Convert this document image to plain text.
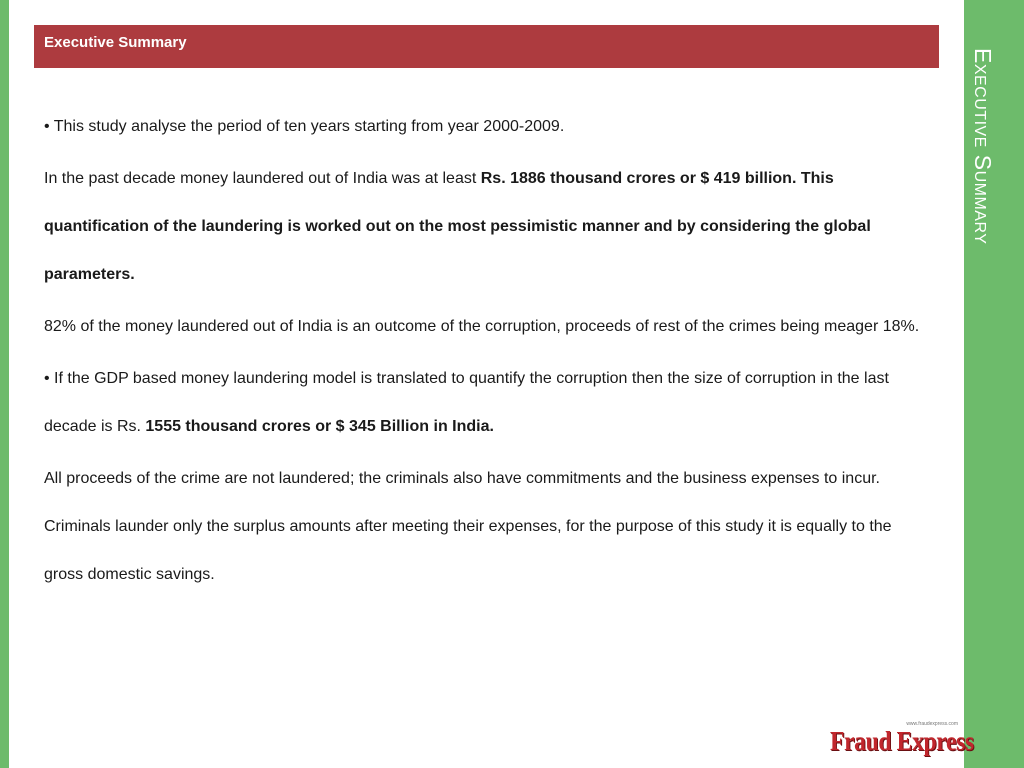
Executive Summary

• This study analyse the period of ten years starting from year 2000-2009.

In the past decade money laundered out of India was at least Rs. 1886 thousand crores or $ 419 billion. This quantification of the laundering is worked out on the most pessimistic manner and by considering the global parameters.

82% of the money laundered out of India is an outcome of the corruption, proceeds of rest of the crimes being meager 18%.

• If the GDP based money laundering model is translated to quantify the corruption then the size of corruption in the last decade is Rs. 1555 thousand crores or $ 345 Billion in India.

All proceeds of the crime are not laundered; the criminals also have commitments and the business expenses to incur. Criminals launder only the surplus amounts after meeting their expenses, for the purpose of this study it is equally to the gross domestic savings.

Executive Summary
www.fraudexpress.com
Fraud Express
